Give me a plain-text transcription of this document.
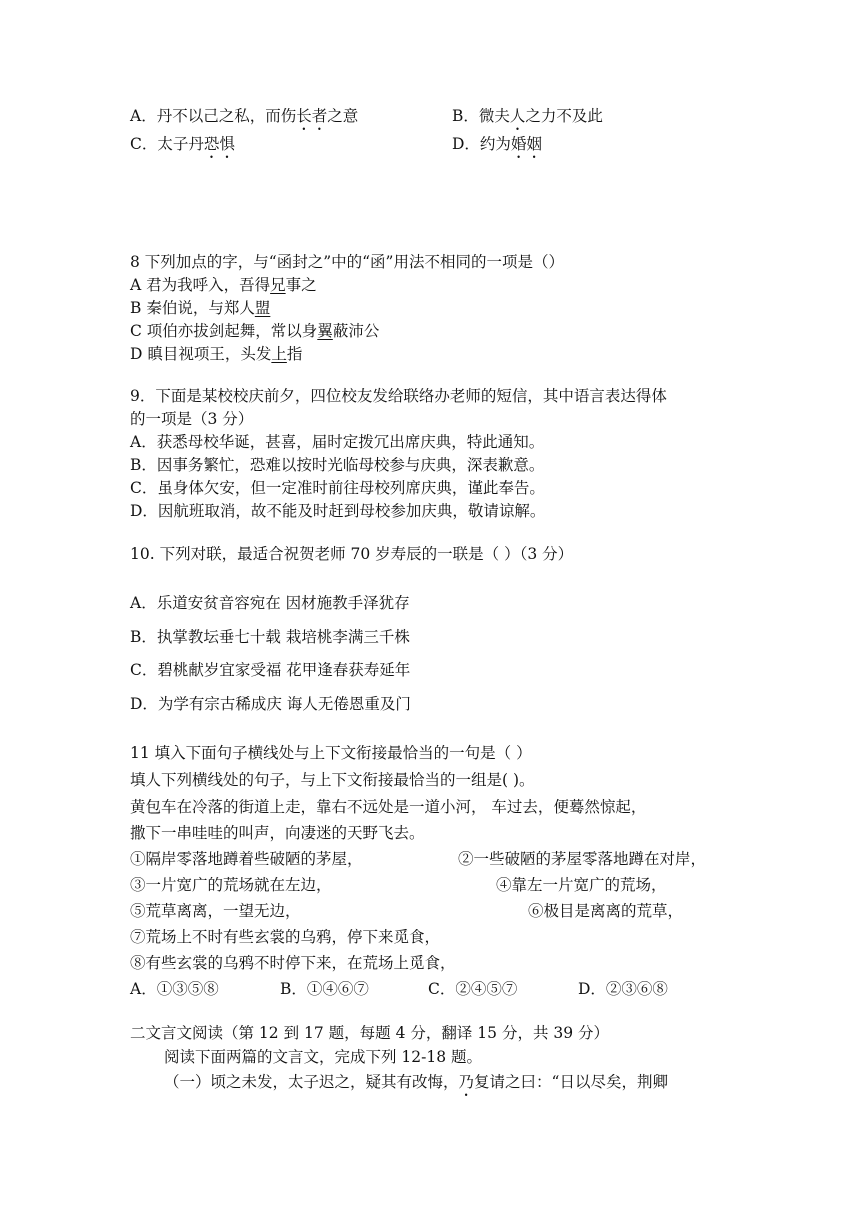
A．丹不以己之私，而伤长者之意	B．微夫人之力不及此
C．太子丹恐惧	D．约为婚姻
8 下列加点的字，与“函封之”中的“函”用法不相同的一项是（）
A 君为我呼入，吾得兄事之
B 秦伯说，与郑人盟
C 项伯亦拔剑起舞，常以身翼蔽沛公
D 瞋目视项王，头发上指
9．下面是某校校庆前夕，四位校友发给联络办老师的短信，其中语言表达得体
的一项是（3 分）
A．获悉母校华诞，甚喜，届时定拨冗出席庆典，特此通知。
B．因事务繁忙，恐难以按时光临母校参与庆典，深表歉意。
C．虽身体欠安，但一定准时前往母校列席庆典，谨此奉告。
D．因航班取消，故不能及时赶到母校参加庆典，敬请谅解。
10. 下列对联，最适合祝贺老师 70 岁寿辰的一联是（ ）（3 分）
A．乐道安贫音容宛在 因材施教手泽犹存
B．执掌教坛垂七十载 栽培桃李满三千株
C．碧桃献岁宜家受福 花甲逢春获寿延年
D．为学有宗古稀成庆 诲人无倦恩重及门
11 填入下面句子横线处与上下文衔接最恰当的一句是（ ）
填人下列横线处的句子，与上下文衔接最恰当的一组是( )。
黄包车在冷落的街道上走，靠右不远处是一道小河， 车过去，便蓦然惊起，
撒下一串哇哇的叫声，向凄迷的天野飞去。
①隔岸零落地蹲着些破陋的茅屋，	②一些破陋的茅屋零落地蹲在对岸，
③一片宽广的荒场就在左边，	④靠左一片宽广的荒场，
⑤荒草离离，一望无边，	⑥极目是离离的荒草，
⑦荒场上不时有些玄裳的乌鸦，停下来觅食，
⑧有些玄裳的乌鸦不时停下来，在荒场上觅食，
A．①③⑤⑧	B．①④⑥⑦	C．②④⑤⑦	D．②③⑥⑧
二文言文阅读（第 12 到 17 题，每题 4 分，翻译 15 分，共 39 分）
阅读下面两篇的文言文，完成下列 12-18 题。
（一）顷之未发，太子迟之，疑其有改悔，乃复请之曰：“日以尽矣，荆卿
